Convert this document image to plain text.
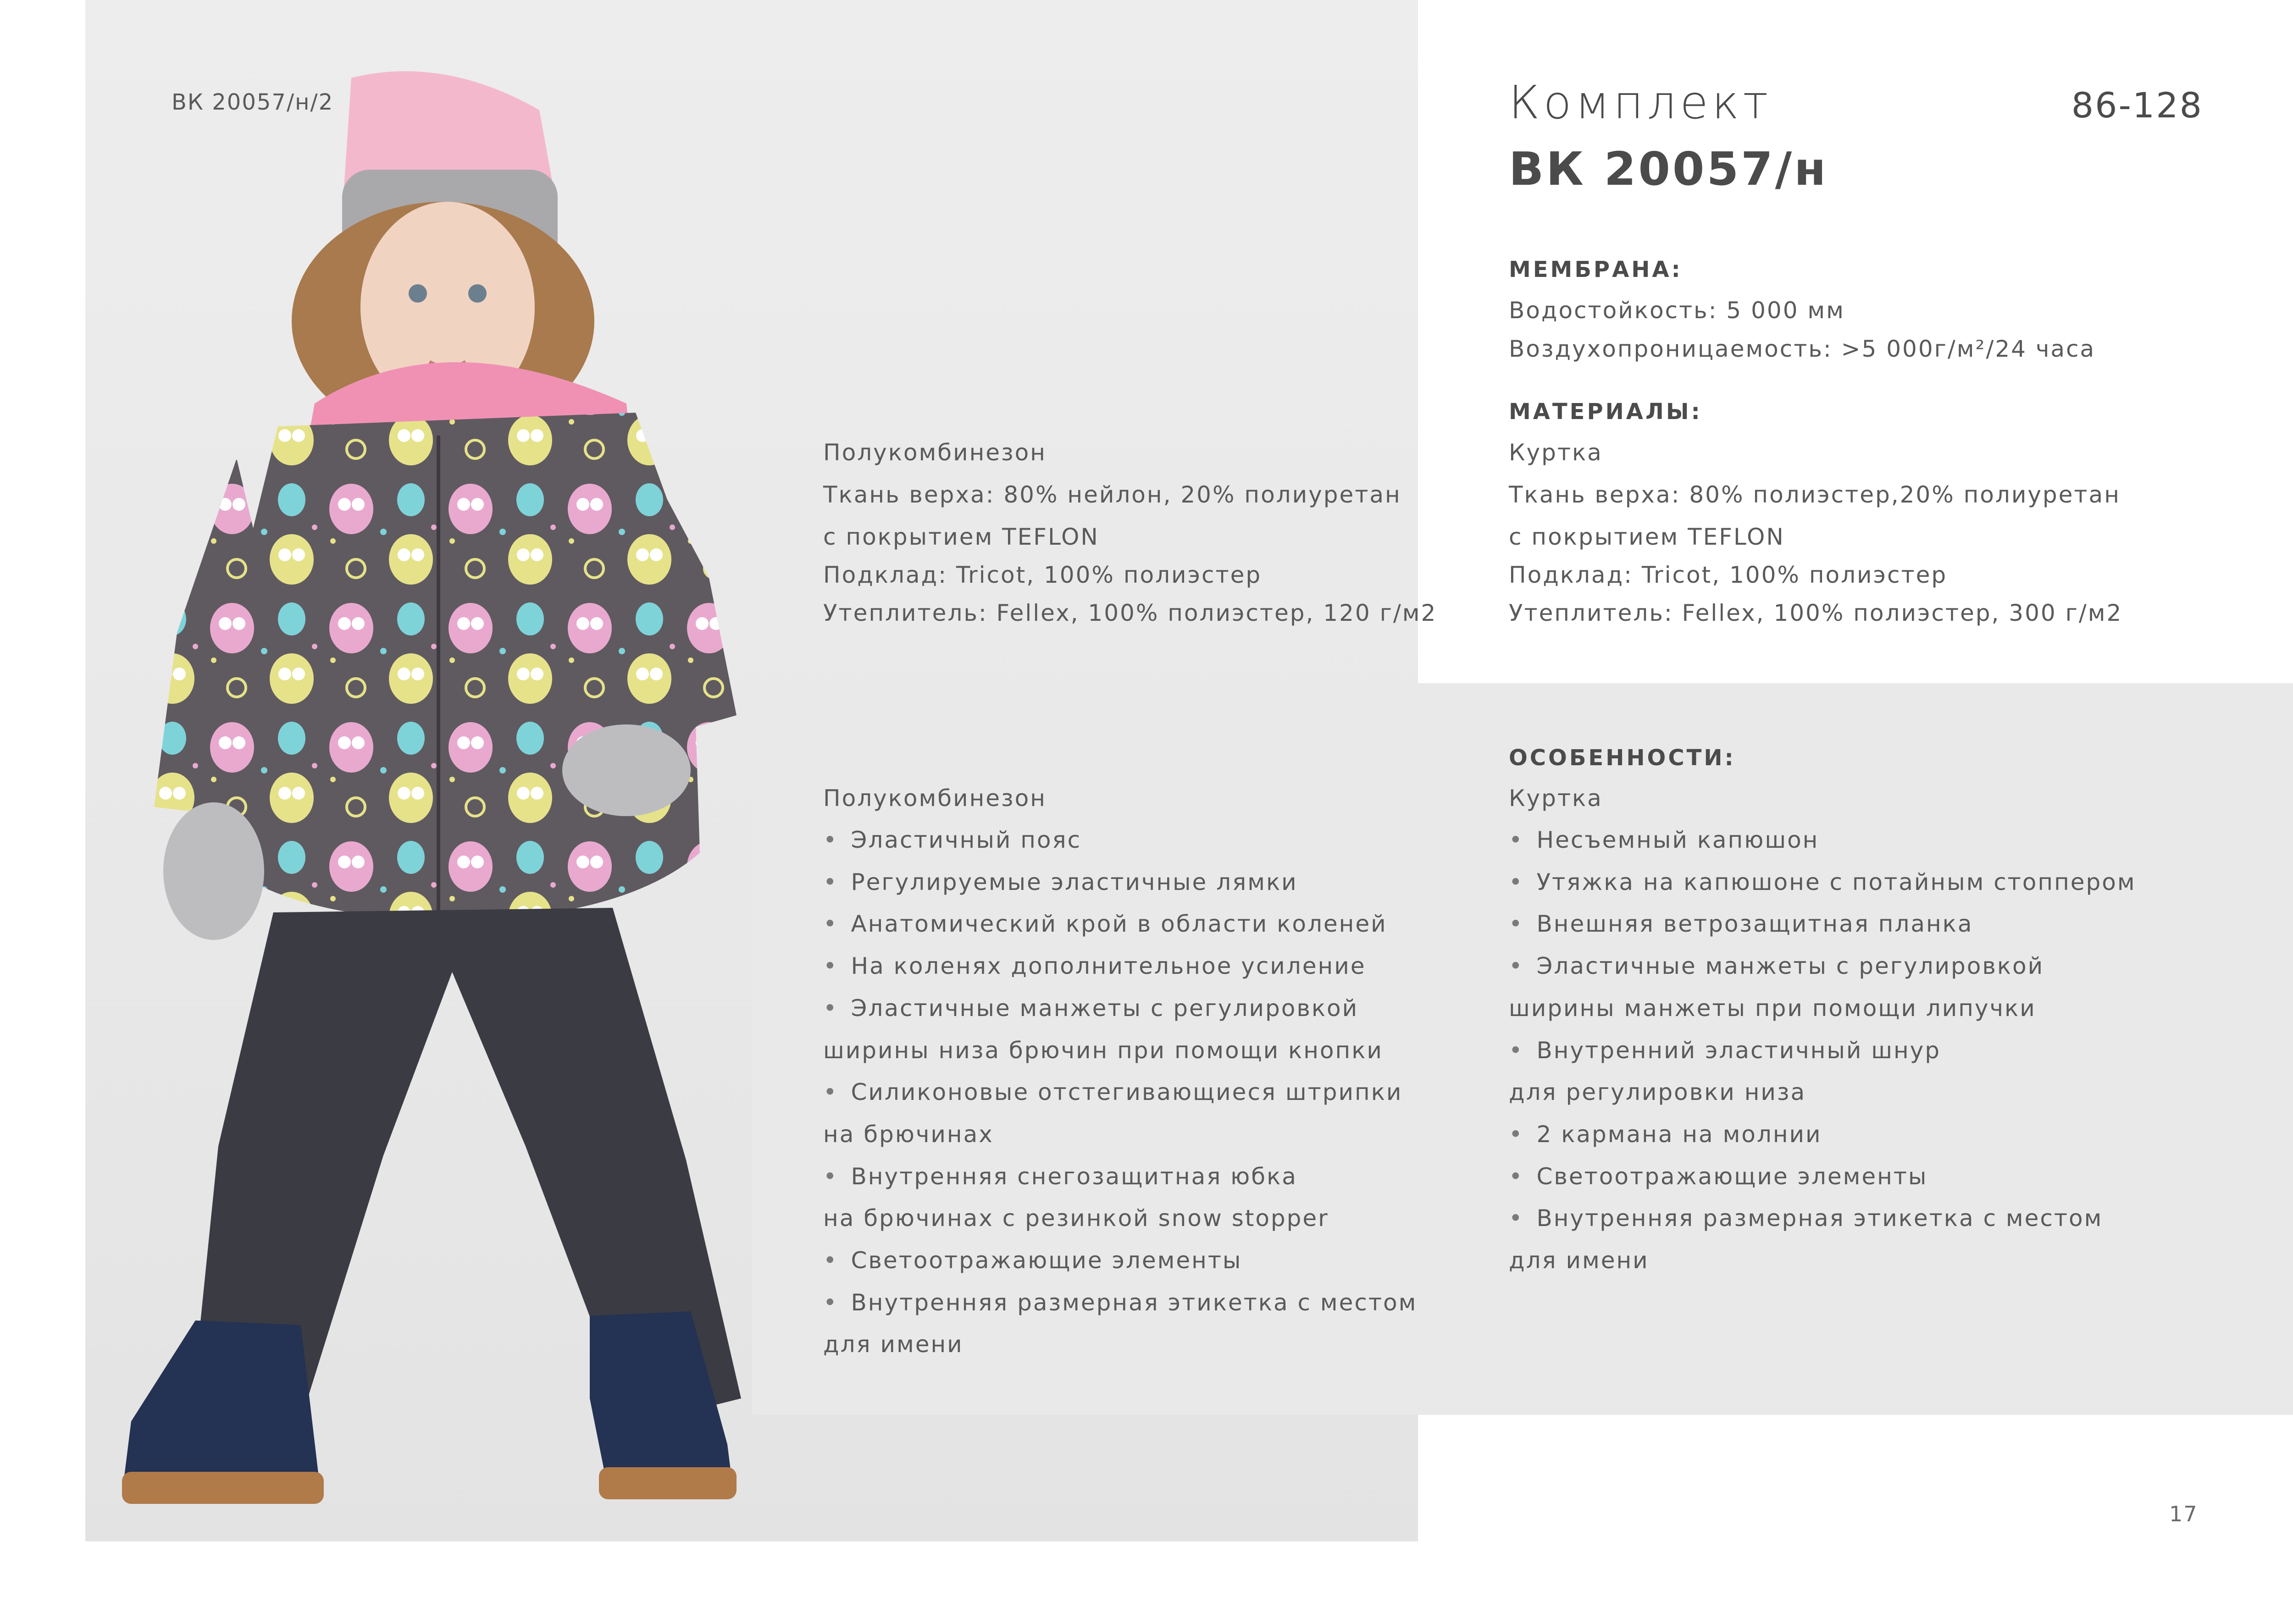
ВК 20057/н/2	Комплект
ВК 20057/н
86-128
МЕМБРАНА:
Водостойкость: 5 000 мм
Воздухопроницаемость: >5 000г/м²/24 часа
МАТЕРИАЛЫ:
Куртка
Ткань верха: 80% полиэстер,20% полиуретан
с покрытием TEFLON
Подклад: Tricot, 100% полиэстер
Утеплитель: Fellex, 100% полиэстер, 300 г/м2
Полукомбинезон
Ткань верха: 80% нейлон, 20% полиуретан
с покрытием TEFLON
Подклад: Tricot, 100% полиэстер
Утеплитель: Fellex, 100% полиэстер, 120 г/м2
ОСОБЕННОСТИ:
Полукомбинезон
• Эластичный пояс
• Регулируемые эластичные лямки
• Анатомический крой в области коленей
• На коленях дополнительное усиление
• Эластичные манжеты с регулировкой
ширины низа брючин при помощи кнопки
• Силиконовые отстегивающиеся штрипки
на брючинах
• Внутренняя снегозащитная юбка
на брючинах с резинкой snow stopper
• Светоотражающие элементы
• Внутренняя размерная этикетка с местом
для имени
Куртка
• Несъемный капюшон
• Утяжка на капюшоне с потайным стоппером
• Внешняя ветрозащитная планка
• Эластичные манжеты с регулировкой
ширины манжеты при помощи липучки
• Внутренний эластичный шнур
для регулировки низа
• 2 кармана на молнии
• Светоотражающие элементы
• Внутренняя размерная этикетка с местом
для имени
17
